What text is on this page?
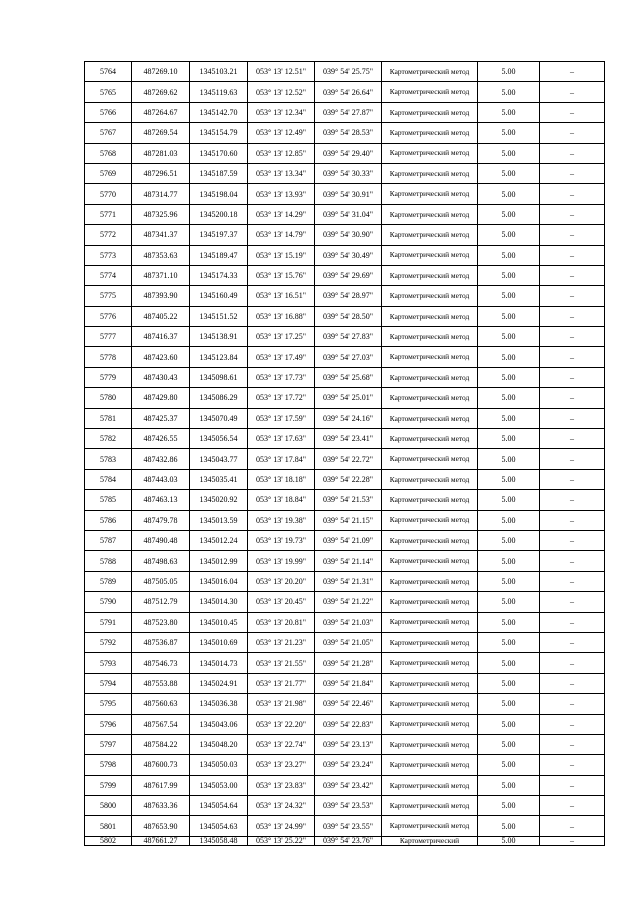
5764	487269.10	1345103.21	053° 13' 12.51"	039° 54' 25.75"	Картометрический метод	5.00	–
5765	487269.62	1345119.63	053° 13' 12.52"	039° 54' 26.64"	Картометрический метод	5.00	–
5766	487264.67	1345142.70	053° 13' 12.34"	039° 54' 27.87"	Картометрический метод	5.00	–
5767	487269.54	1345154.79	053° 13' 12.49"	039° 54' 28.53"	Картометрический метод	5.00	–
5768	487281.03	1345170.60	053° 13' 12.85"	039° 54' 29.40"	Картометрический метод	5.00	–
5769	487296.51	1345187.59	053° 13' 13.34"	039° 54' 30.33"	Картометрический метод	5.00	–
5770	487314.77	1345198.04	053° 13' 13.93"	039° 54' 30.91"	Картометрический метод	5.00	–
5771	487325.96	1345200.18	053° 13' 14.29"	039° 54' 31.04"	Картометрический метод	5.00	–
5772	487341.37	1345197.37	053° 13' 14.79"	039° 54' 30.90"	Картометрический метод	5.00	–
5773	487353.63	1345189.47	053° 13' 15.19"	039° 54' 30.49"	Картометрический метод	5.00	–
5774	487371.10	1345174.33	053° 13' 15.76"	039° 54' 29.69"	Картометрический метод	5.00	–
5775	487393.90	1345160.49	053° 13' 16.51"	039° 54' 28.97"	Картометрический метод	5.00	–
5776	487405.22	1345151.52	053° 13' 16.88"	039° 54' 28.50"	Картометрический метод	5.00	–
5777	487416.37	1345138.91	053° 13' 17.25"	039° 54' 27.83"	Картометрический метод	5.00	–
5778	487423.60	1345123.84	053° 13' 17.49"	039° 54' 27.03"	Картометрический метод	5.00	–
5779	487430.43	1345098.61	053° 13' 17.73"	039° 54' 25.68"	Картометрический метод	5.00	–
5780	487429.80	1345086.29	053° 13' 17.72"	039° 54' 25.01"	Картометрический метод	5.00	–
5781	487425.37	1345070.49	053° 13' 17.59"	039° 54' 24.16"	Картометрический метод	5.00	–
5782	487426.55	1345056.54	053° 13' 17.63"	039° 54' 23.41"	Картометрический метод	5.00	–
5783	487432.86	1345043.77	053° 13' 17.84"	039° 54' 22.72"	Картометрический метод	5.00	–
5784	487443.03	1345035.41	053° 13' 18.18"	039° 54' 22.28"	Картометрический метод	5.00	–
5785	487463.13	1345020.92	053° 13' 18.84"	039° 54' 21.53"	Картометрический метод	5.00	–
5786	487479.78	1345013.59	053° 13' 19.38"	039° 54' 21.15"	Картометрический метод	5.00	–
5787	487490.48	1345012.24	053° 13' 19.73"	039° 54' 21.09"	Картометрический метод	5.00	–
5788	487498.63	1345012.99	053° 13' 19.99"	039° 54' 21.14"	Картометрический метод	5.00	–
5789	487505.05	1345016.04	053° 13' 20.20"	039° 54' 21.31"	Картометрический метод	5.00	–
5790	487512.79	1345014.30	053° 13' 20.45"	039° 54' 21.22"	Картометрический метод	5.00	–
5791	487523.80	1345010.45	053° 13' 20.81"	039° 54' 21.03"	Картометрический метод	5.00	–
5792	487536.87	1345010.69	053° 13' 21.23"	039° 54' 21.05"	Картометрический метод	5.00	–
5793	487546.73	1345014.73	053° 13' 21.55"	039° 54' 21.28"	Картометрический метод	5.00	–
5794	487553.88	1345024.91	053° 13' 21.77"	039° 54' 21.84"	Картометрический метод	5.00	–
5795	487560.63	1345036.38	053° 13' 21.98"	039° 54' 22.46"	Картометрический метод	5.00	–
5796	487567.54	1345043.06	053° 13' 22.20"	039° 54' 22.83"	Картометрический метод	5.00	–
5797	487584.22	1345048.20	053° 13' 22.74"	039° 54' 23.13"	Картометрический метод	5.00	–
5798	487600.73	1345050.03	053° 13' 23.27"	039° 54' 23.24"	Картометрический метод	5.00	–
5799	487617.99	1345053.00	053° 13' 23.83"	039° 54' 23.42"	Картометрический метод	5.00	–
5800	487633.36	1345054.64	053° 13' 24.32"	039° 54' 23.53"	Картометрический метод	5.00	–
5801	487653.90	1345054.63	053° 13' 24.99"	039° 54' 23.55"	Картометрический метод	5.00	–
5802	487661.27	1345058.48	053° 13' 25.22"	039° 54' 23.76"	Картометрический	5.00	–
